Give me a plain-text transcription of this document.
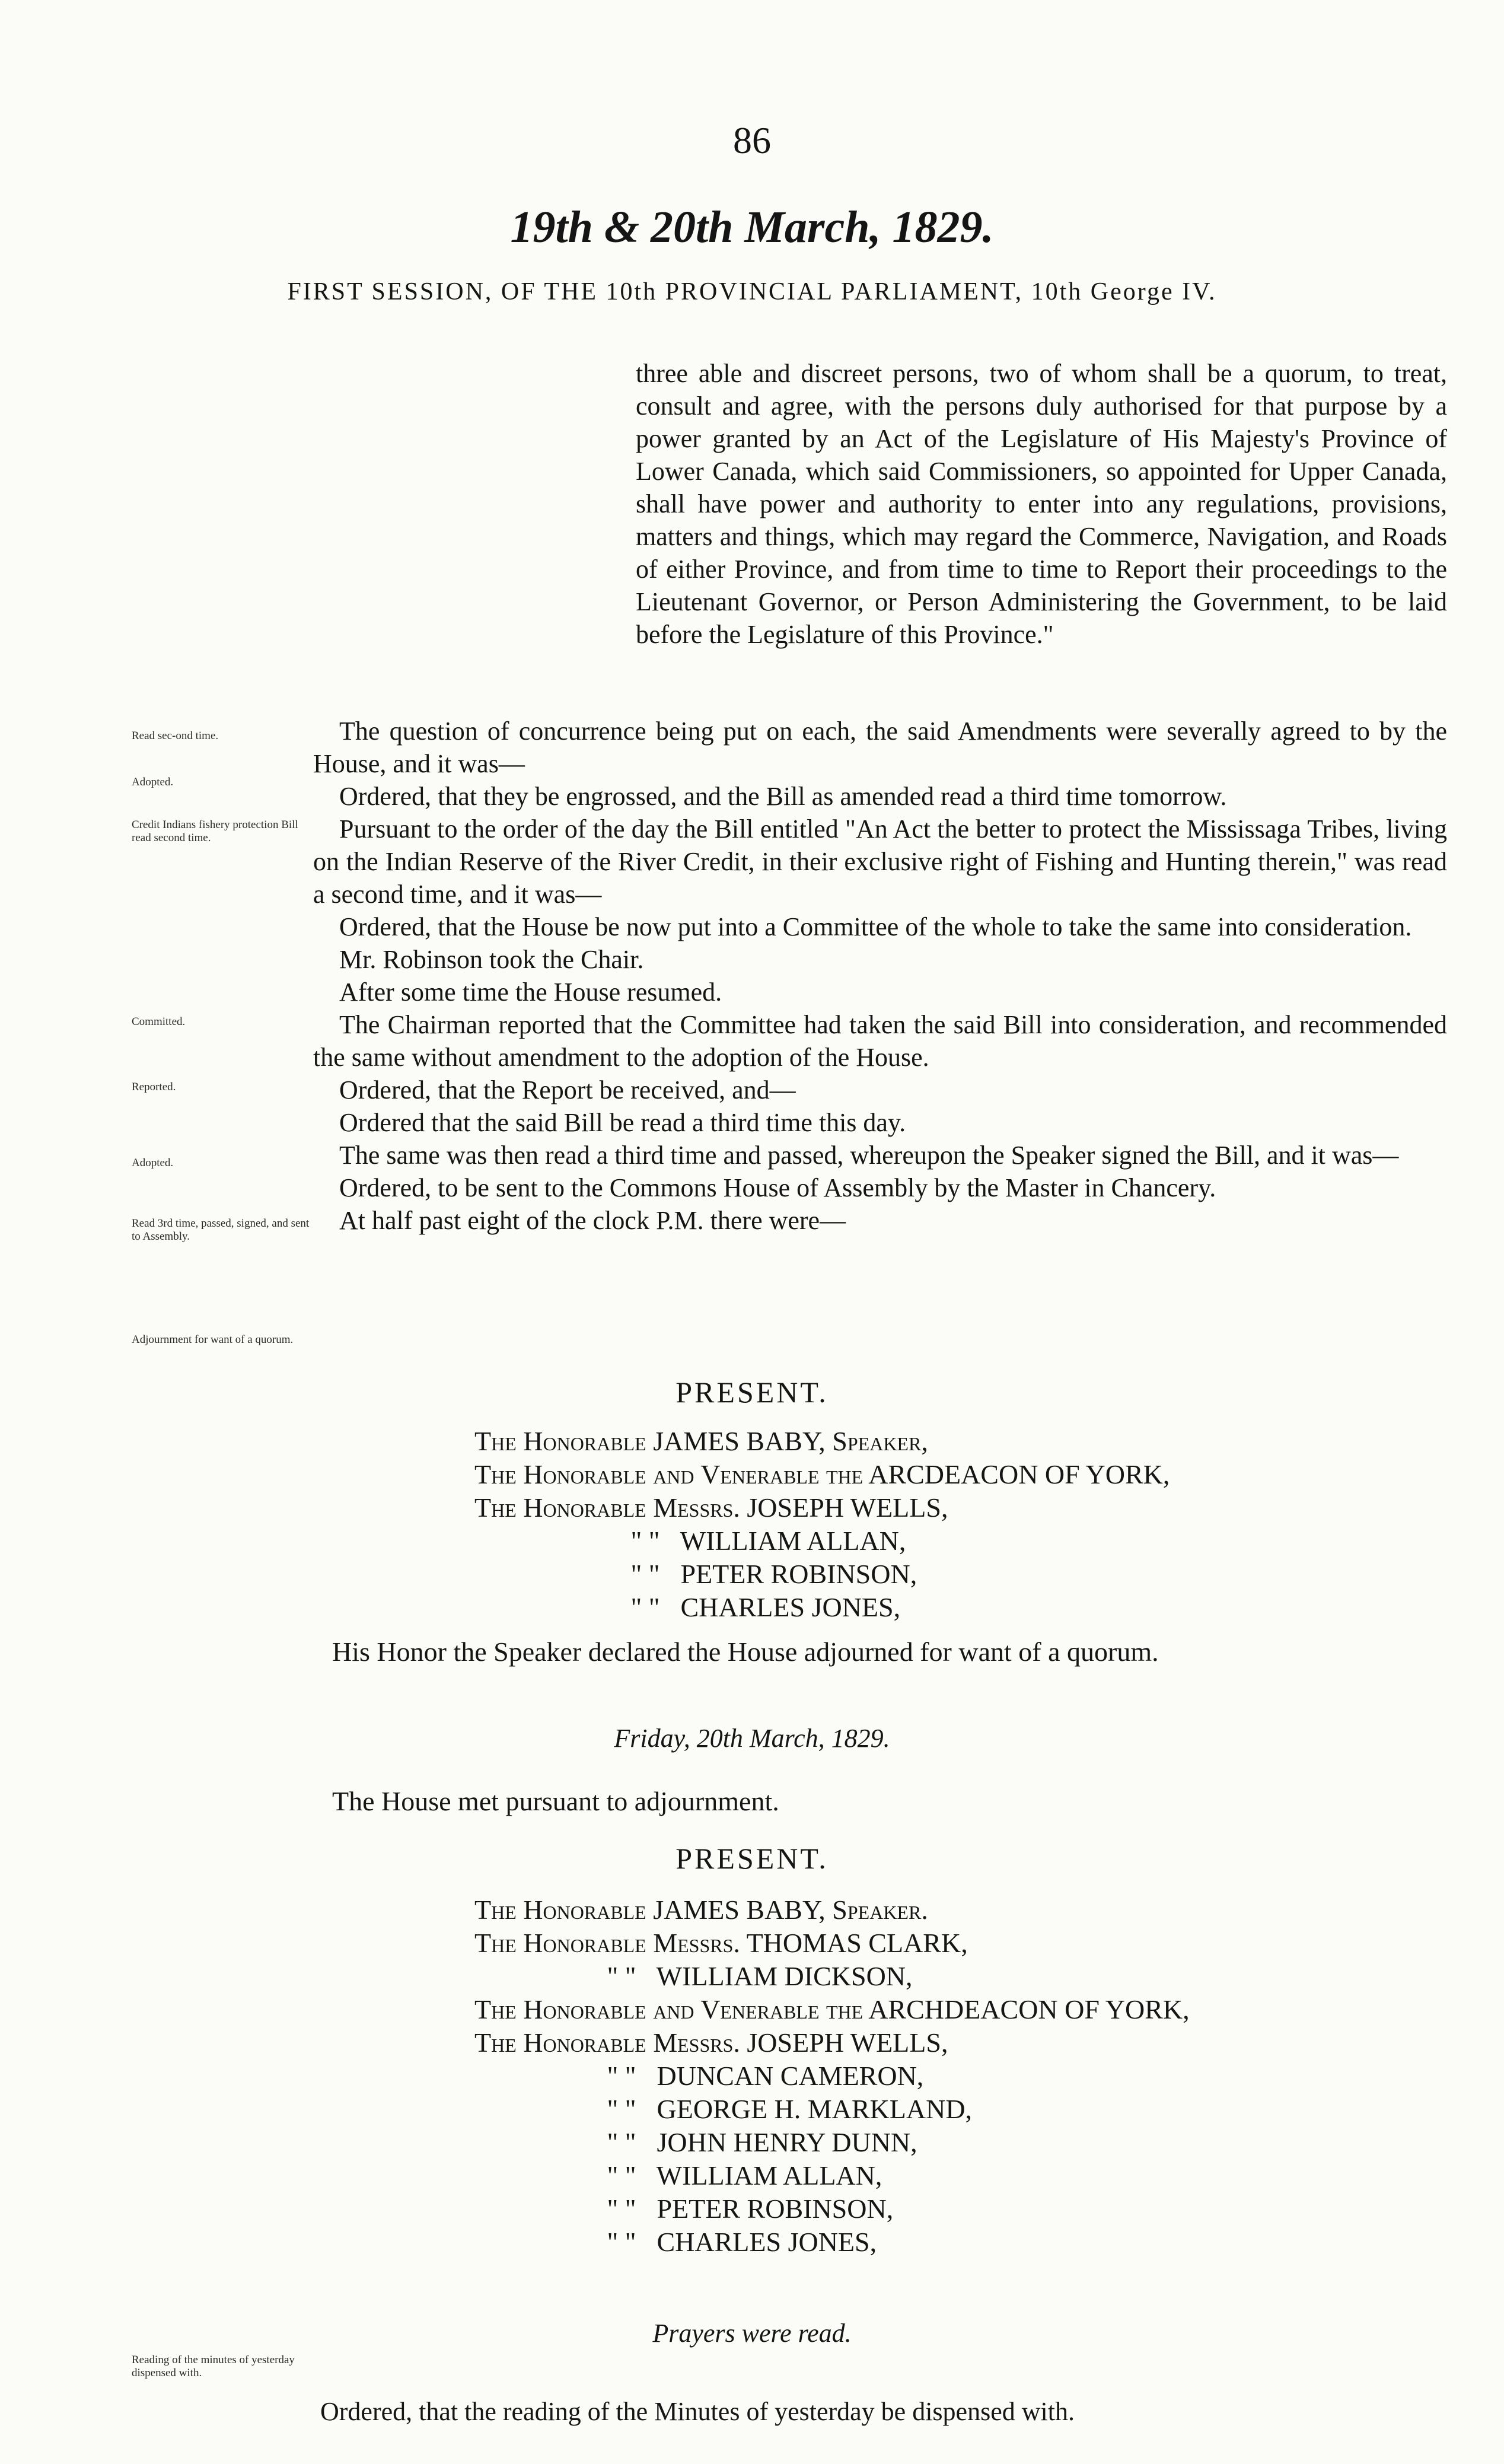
86
19th & 20th March, 1829.
FIRST SESSION, OF THE 10th PROVINCIAL PARLIAMENT, 10th George IV.
three able and discreet persons, two of whom shall be a quorum, to treat, consult and agree, with the persons duly authorised for that purpose by a power granted by an Act of the Legislature of His Majesty's Province of Lower Canada, which said Commissioners, so appointed for Upper Canada, shall have power and authority to enter into any regulations, provisions, matters and things, which may regard the Commerce, Navigation, and Roads of either Province, and from time to time to Report their proceedings to the Lieutenant Governor, or Person Administering the Government, to be laid before the Legislature of this Province."

The question of concurrence being put on each, the said Amendments were severally agreed to by the House, and it was—

Ordered, that they be engrossed, and the Bill as amended read a third time tomorrow.

Pursuant to the order of the day the Bill entitled "An Act the better to protect the Mississaga Tribes, living on the Indian Reserve of the River Credit, in their exclusive right of Fishing and Hunting therein," was read a second time, and it was—

Ordered, that the House be now put into a Committee of the whole to take the same into consideration.

Mr. Robinson took the Chair.

After some time the House resumed.

The Chairman reported that the Committee had taken the said Bill into consideration, and recommended the same without amendment to the adoption of the House.

Ordered, that the Report be received, and—

Ordered that the said Bill be read a third time this day.

The same was then read a third time and passed, whereupon the Speaker signed the Bill, and it was—

Ordered, to be sent to the Commons House of Assembly by the Master in Chancery.

At half past eight of the clock P.M. there were—

Read sec-ond time.
Adopted.
Credit Indians fishery protection Bill read second time.
Committed.
Reported.
Adopted.
Read 3rd time, passed, signed, and sent to Assembly.
Adjournment for want of a quorum.
Reading of the minutes of yesterday dispensed with.
PRESENT.
The Honorable JAMES BABY, Speaker,
The Honorable and Venerable the ARCDEACON OF YORK,
The Honorable Messrs. JOSEPH WELLS,
" " WILLIAM ALLAN,
" " PETER ROBINSON,
" " CHARLES JONES,
His Honor the Speaker declared the House adjourned for want of a quorum.
Friday, 20th March, 1829.
The House met pursuant to adjournment.
PRESENT.
The Honorable JAMES BABY, Speaker.
The Honorable Messrs. THOMAS CLARK,
" " WILLIAM DICKSON,
The Honorable and Venerable the ARCHDEACON OF YORK,
The Honorable Messrs. JOSEPH WELLS,
" " DUNCAN CAMERON,
" " GEORGE H. MARKLAND,
" " JOHN HENRY DUNN,
" " WILLIAM ALLAN,
" " PETER ROBINSON,
" " CHARLES JONES,
Prayers were read.
Ordered, that the reading of the Minutes of yesterday be dispensed with.
